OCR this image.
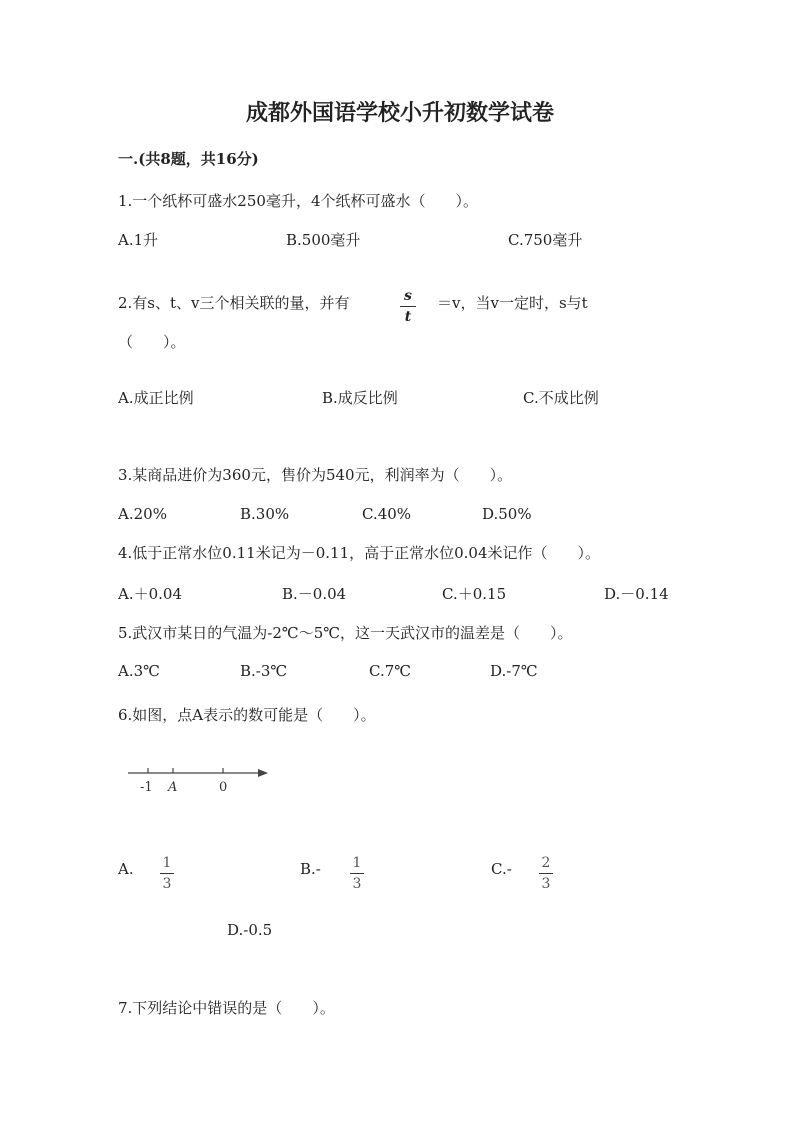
成都外国语学校小升初数学试卷
一.(共8题，共16分)
1.一个纸杯可盛水250毫升，4个纸杯可盛水（　　）。
A.1升	B.500毫升	C.750毫升
2.有s、t、v三个相关联的量，并有	s
t
＝v，当v一定时，s与t
（　　）。
A.成正比例	B.成反比例	C.不成比例
3.某商品进价为360元，售价为540元，利润率为（　　）。
A.20%	B.30%	C.40%	D.50%
4.低于正常水位0.11米记为－0.11，高于正常水位0.04米记作（　　）。
A.＋0.04	B.－0.04	C.＋0.15	D.－0.14
5.武汉市某日的气温为-2℃～5℃，这一天武汉市的温差是（　　）。
A.3℃	B.-3℃	C.7℃	D.-7℃
6.如图，点A表示的数可能是（　　）。
-1 A	0
A. 1
3
B.- 1
3
C.- 2
3
D.-0.5
7.下列结论中错误的是（　　）。
